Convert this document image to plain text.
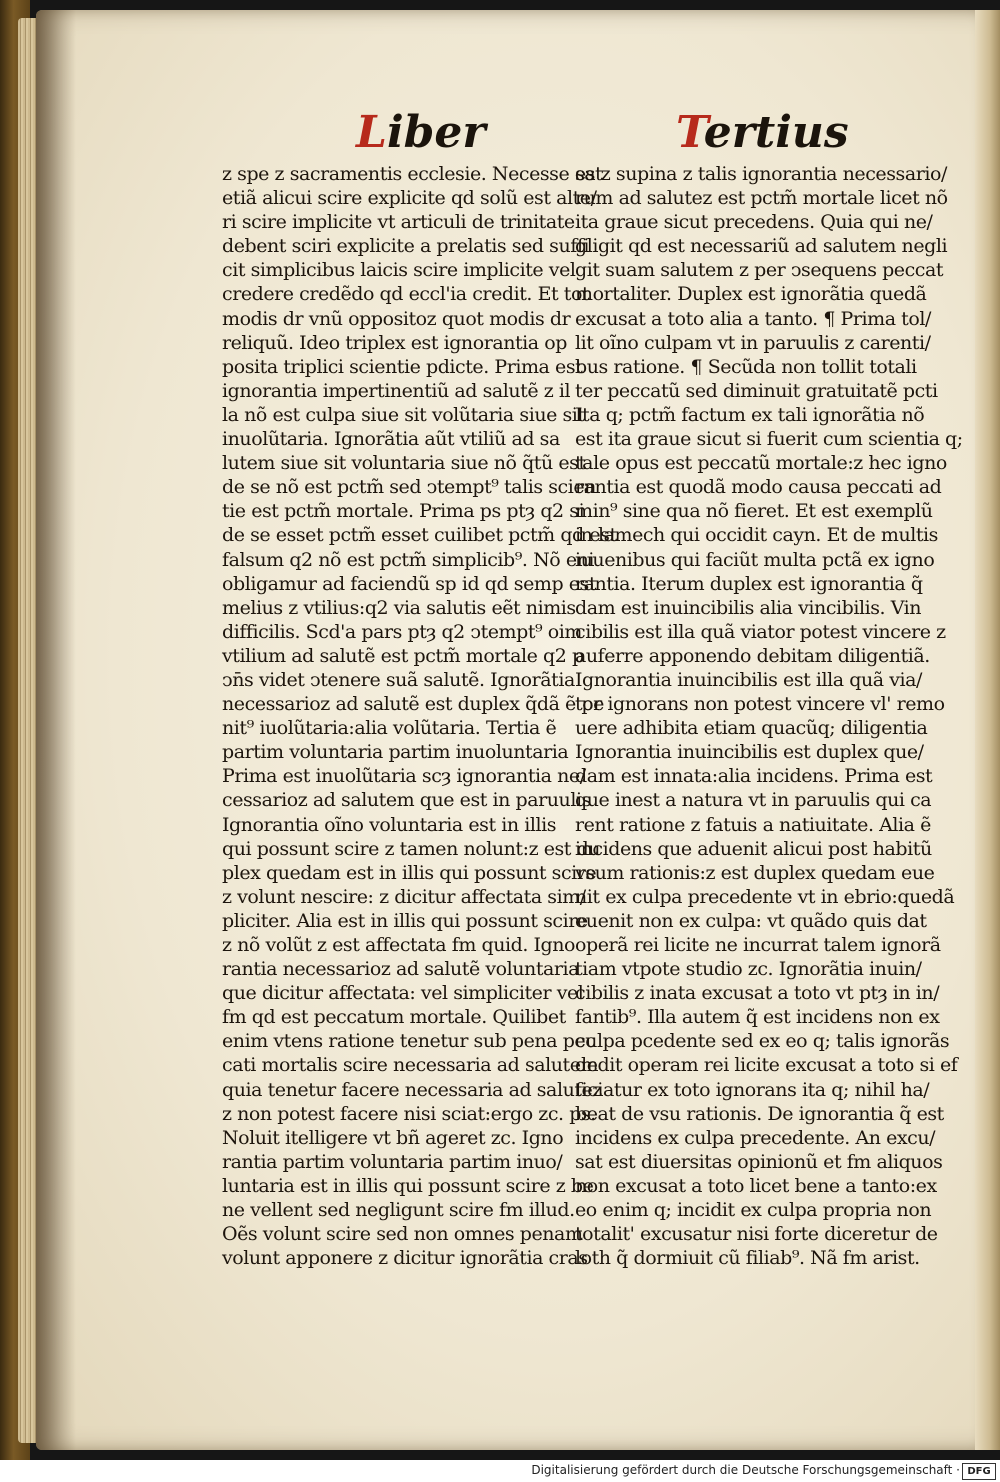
Liber	Tertius
z spe z sacramentis ecclesie. Necesse est
etiã alicui scire explicite qd solũ est alte/
ri scire implicite vt articuli de trinitate
debent sciri explicite a prelatis sed suffi
cit simplicibus laicis scire implicite vel
credere credẽdo qd eccl'ia credit. Et tot
modis dr vnũ oppositoz quot modis dr
reliquũ. Ideo triplex est ignorantia op
posita triplici scientie pdicte. Prima est
ignorantia impertinentiũ ad salutẽ z il
la nõ est culpa siue sit volũtaria siue sit
inuolũtaria. Ignorãtia aũt vtiliũ ad sa
lutem siue sit voluntaria siue nõ q̃tũ est
de se nõ est pctm̃ sed ↄtempt⁹ talis scien
tie est pctm̃ mortale. Prima ps ptȝ q2 si
de se esset pctm̃ esset cuilibet pctm̃ qd est
falsum q2 nõ est pctm̃ simplicib⁹. Nõ eni
obligamur ad faciendũ sp id qd semp est
melius z vtilius:q2 via salutis eẽt nimis
difficilis. Scd'a pars ptȝ q2 ↄtempt⁹ oim
vtilium ad salutẽ est pctm̃ mortale q2 p
ↄn̄s videt ↄtenere suã salutẽ. Ignorãtia
necessarioz ad salutẽ est duplex q̃dã ẽ pe
nit⁹ iuolũtaria:alia volũtaria. Tertia ẽ
partim voluntaria partim inuoluntaria
Prima est inuolũtaria scȝ ignorantia ne/
cessarioz ad salutem que est in paruulis
Ignorantia oĩno voluntaria est in illis
qui possunt scire z tamen nolunt:z est du
plex quedam est in illis qui possunt scire
z volunt nescire: z dicitur affectata sim/
pliciter. Alia est in illis qui possunt scire
z nõ volũt z est affectata fm quid. Igno
rantia necessarioz ad salutẽ voluntaria
que dicitur affectata: vel simpliciter vel
fm qd est peccatum mortale. Quilibet
enim vtens ratione tenetur sub pena pec
cati mortalis scire necessaria ad salutem
quia tenetur facere necessaria ad salutez
z non potest facere nisi sciat:ergo zc. ps.
Noluit itelligere vt bñ ageret zc. Igno
rantia partim voluntaria partim inuo/
luntaria est in illis qui possunt scire z be
ne vellent sed negligunt scire fm illud.
Oẽs volunt scire sed non omnes penam
volunt apponere z dicitur ignorãtia cras
sa z supina z talis ignorantia necessario/
rum ad salutez est pctm̃ mortale licet nõ
ita graue sicut precedens. Quia qui ne/
gligit qd est necessariũ ad salutem negli
git suam salutem z per ↄsequens peccat
mortaliter. Duplex est ignorãtia quedã
excusat a toto alia a tanto. ¶ Prima tol/
lit oĩno culpam vt in paruulis z carenti/
bus ratione. ¶ Secũda non tollit totali
ter peccatũ sed diminuit gratuitatẽ pcti
Ita q; pctm̃ factum ex tali ignorãtia nõ
est ita graue sicut si fuerit cum scientia q;
tale opus est peccatũ mortale:z hec igno
rantia est quodã modo causa peccati ad
min⁹ sine qua nõ fieret. Et est exemplũ
in lamech qui occidit cayn. Et de multis
iuuenibus qui faciũt multa pctã ex igno
rantia. Iterum duplex est ignorantia q̃
dam est inuincibilis alia vincibilis. Vin
cibilis est illa quã viator potest vincere z
auferre apponendo debitam diligentiã.
Ignorantia inuincibilis est illa quã via/
tor ignorans non potest vincere vl' remo
uere adhibita etiam quacũq; diligentia
Ignorantia inuincibilis est duplex que/
dam est innata:alia incidens. Prima est
que inest a natura vt in paruulis qui ca
rent ratione z fatuis a natiuitate. Alia ẽ
incidens que aduenit alicui post habitũ
vsum rationis:z est duplex quedam eue
nit ex culpa precedente vt in ebrio:quedã
euenit non ex culpa: vt quãdo quis dat
operã rei licite ne incurrat talem ignorã
tiam vtpote studio zc. Ignorãtia inuin/
cibilis z inata excusat a toto vt ptȝ in in/
fantib⁹. Illa autem q̃ est incidens non ex
culpa pcedente sed ex eo q; talis ignorãs
dedit operam rei licite excusat a toto si ef
ficiatur ex toto ignorans ita q; nihil ha/
beat de vsu rationis. De ignorantia q̃ est
incidens ex culpa precedente. An excu/
sat est diuersitas opinionũ et fm aliquos
non excusat a toto licet bene a tanto:ex
eo enim q; incidit ex culpa propria non
totalit' excusatur nisi forte diceretur de
loth q̃ dormiuit cũ filiab⁹. Nã fm arist.
Digitalisierung gefördert durch die Deutsche Forschungsgemeinschaft · DFG
